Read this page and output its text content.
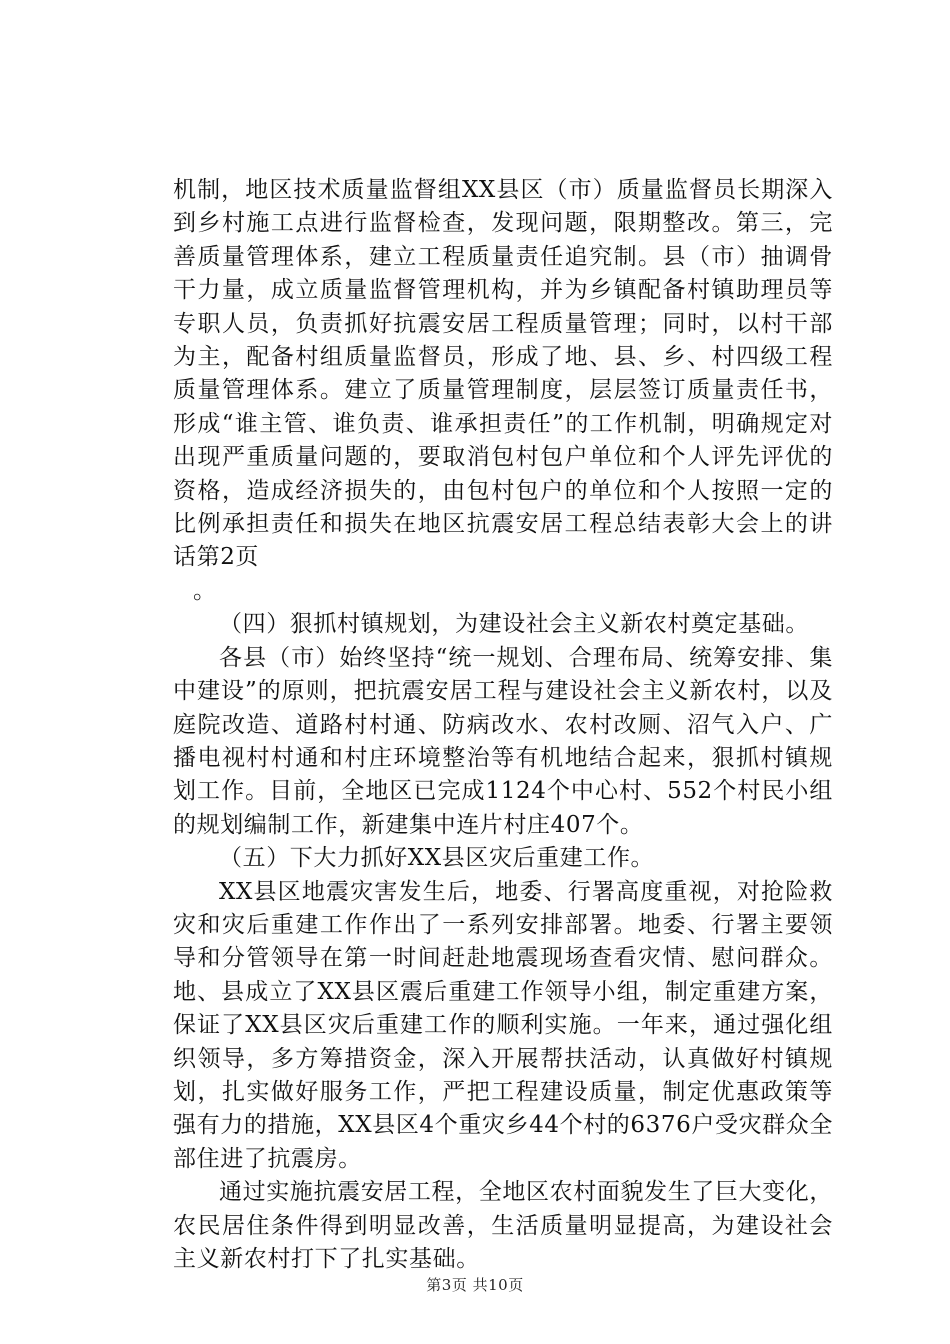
机制，地区技术质量监督组XX县区（市）质量监督员长期深入到乡村施工点进行监督检查，发现问题，限期整改。第三，完善质量管理体系，建立工程质量责任追究制。县（市）抽调骨干力量，成立质量监督管理机构，并为乡镇配备村镇助理员等专职人员，负责抓好抗震安居工程质量管理；同时，以村干部为主，配备村组质量监督员，形成了地、县、乡、村四级工程质量管理体系。建立了质量管理制度，层层签订质量责任书，形成“谁主管、谁负责、谁承担责任”的工作机制，明确规定对出现严重质量问题的，要取消包村包户单位和个人评先评优的资格，造成经济损失的，由包村包户的单位和个人按照一定的比例承担责任和损失在地区抗震安居工程总结表彰大会上的讲话第2页

。

（四）狠抓村镇规划，为建设社会主义新农村奠定基础。

各县（市）始终坚持“统一规划、合理布局、统筹安排、集中建设”的原则，把抗震安居工程与建设社会主义新农村，以及庭院改造、道路村村通、防病改水、农村改厕、沼气入户、广播电视村村通和村庄环境整治等有机地结合起来，狠抓村镇规划工作。目前，全地区已完成1124个中心村、552个村民小组的规划编制工作，新建集中连片村庄407个。

（五）下大力抓好XX县区灾后重建工作。

XX县区地震灾害发生后，地委、行署高度重视，对抢险救灾和灾后重建工作作出了一系列安排部署。地委、行署主要领导和分管领导在第一时间赶赴地震现场查看灾情、慰问群众。地、县成立了XX县区震后重建工作领导小组，制定重建方案，保证了XX县区灾后重建工作的顺利实施。一年来，通过强化组织领导，多方筹措资金，深入开展帮扶活动，认真做好村镇规划，扎实做好服务工作，严把工程建设质量，制定优惠政策等强有力的措施，XX县区4个重灾乡44个村的6376户受灾群众全部住进了抗震房。

通过实施抗震安居工程，全地区农村面貌发生了巨大变化，农民居住条件得到明显改善，生活质量明显提高，为建设社会主义新农村打下了扎实基础。

第3页 共10页
